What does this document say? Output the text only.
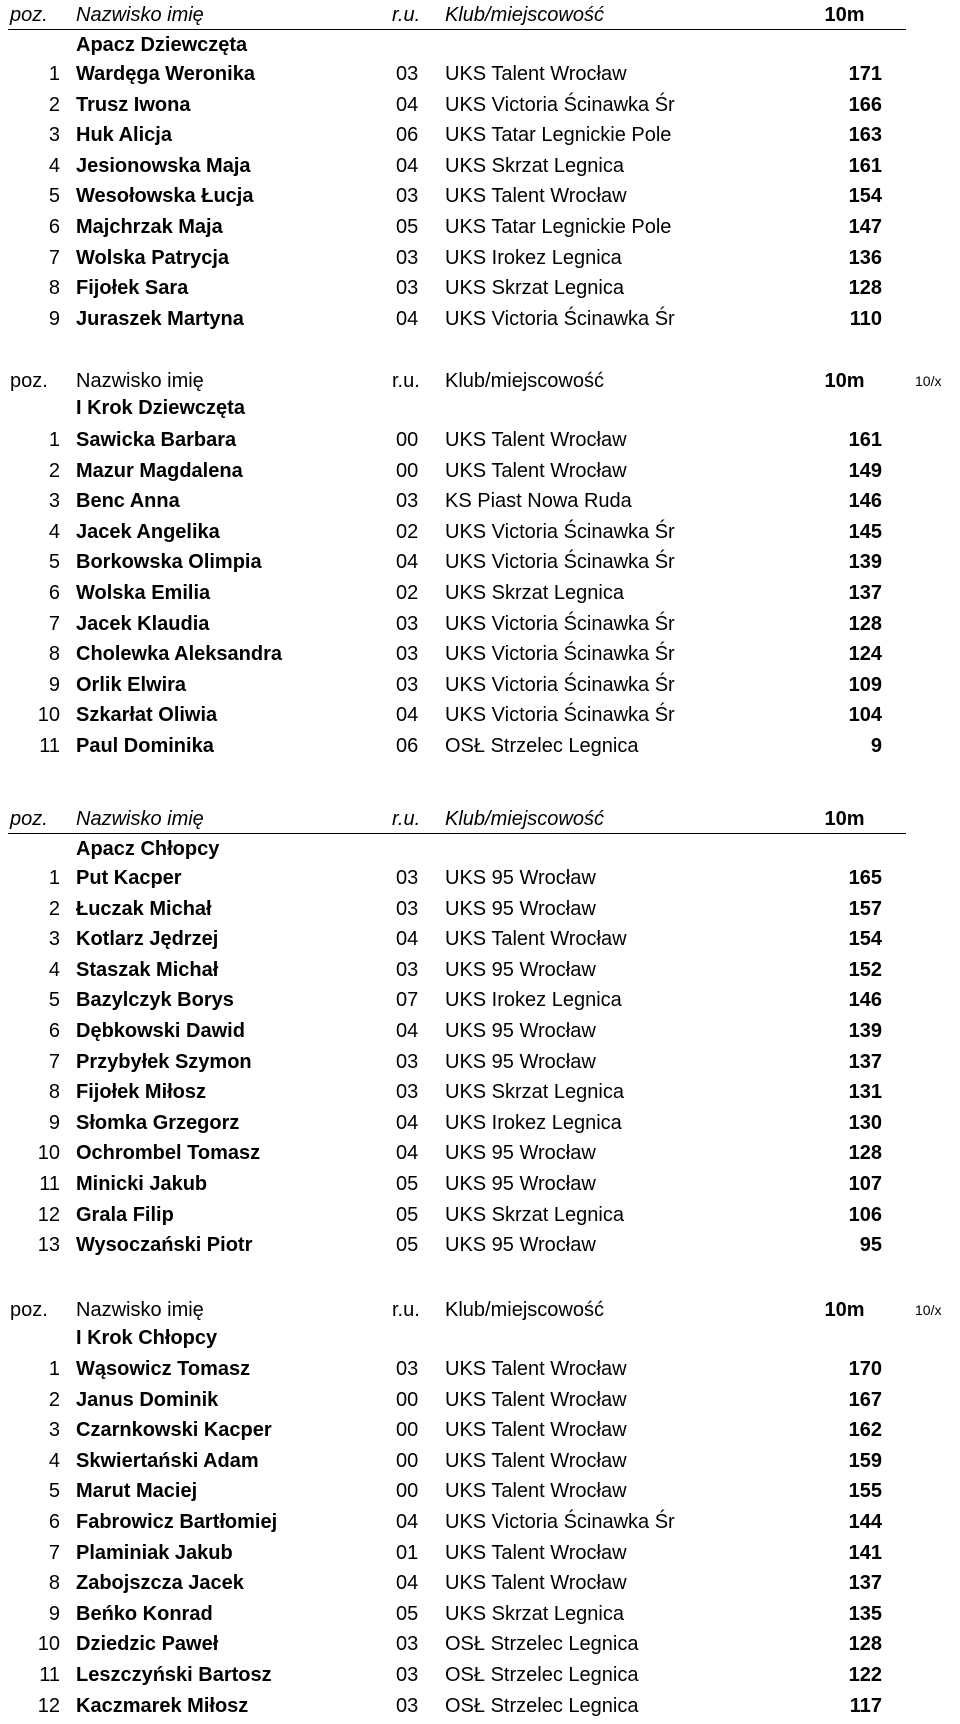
poz. Nazwisko imię	r.u. Klub/miejscowość	10m
Apacz Dziewczęta
1 Wardęga Weronika	03 UKS Talent Wrocław	171
2 Trusz Iwona	04 UKS Victoria Ścinawka Śr	166
3 Huk Alicja	06 UKS Tatar Legnickie Pole	163
4 Jesionowska Maja	04 UKS Skrzat Legnica	161
5 Wesołowska Łucja	03 UKS Talent Wrocław	154
6 Majchrzak Maja	05 UKS Tatar Legnickie Pole	147
7 Wolska Patrycja	03 UKS Irokez Legnica	136
8 Fijołek Sara	03 UKS Skrzat Legnica	128
9 Juraszek Martyna	04 UKS Victoria Ścinawka Śr	110
poz. Nazwisko imię	r.u. Klub/miejscowość	10m	10/x
I Krok Dziewczęta
1 Sawicka Barbara	00 UKS Talent Wrocław	161
2 Mazur Magdalena	00 UKS Talent Wrocław	149
3 Benc Anna	03 KS Piast Nowa Ruda	146
4 Jacek Angelika	02 UKS Victoria Ścinawka Śr	145
5 Borkowska Olimpia	04 UKS Victoria Ścinawka Śr	139
6 Wolska Emilia	02 UKS Skrzat Legnica	137
7 Jacek Klaudia	03 UKS Victoria Ścinawka Śr	128
8 Cholewka Aleksandra	03 UKS Victoria Ścinawka Śr	124
9 Orlik Elwira	03 UKS Victoria Ścinawka Śr	109
10 Szkarłat Oliwia	04 UKS Victoria Ścinawka Śr	104
11 Paul Dominika	06 OSŁ Strzelec Legnica	9
poz. Nazwisko imię	r.u. Klub/miejscowość	10m
Apacz Chłopcy
1 Put Kacper	03 UKS 95 Wrocław	165
2 Łuczak Michał	03 UKS 95 Wrocław	157
3 Kotlarz Jędrzej	04 UKS Talent Wrocław	154
4 Staszak Michał	03 UKS 95 Wrocław	152
5 Bazylczyk Borys	07 UKS Irokez Legnica	146
6 Dębkowski Dawid	04 UKS 95 Wrocław	139
7 Przybyłek Szymon	03 UKS 95 Wrocław	137
8 Fijołek Miłosz	03 UKS Skrzat Legnica	131
9 Słomka Grzegorz	04 UKS Irokez Legnica	130
10 Ochrombel Tomasz	04 UKS 95 Wrocław	128
11 Minicki Jakub	05 UKS 95 Wrocław	107
12 Grala Filip	05 UKS Skrzat Legnica	106
13 Wysoczański Piotr	05 UKS 95 Wrocław	95
poz. Nazwisko imię	r.u. Klub/miejscowość	10m	10/x
I Krok Chłopcy
1 Wąsowicz Tomasz	03 UKS Talent Wrocław	170
2 Janus Dominik	00 UKS Talent Wrocław	167
3 Czarnkowski Kacper	00 UKS Talent Wrocław	162
4 Skwiertański Adam	00 UKS Talent Wrocław	159
5 Marut Maciej	00 UKS Talent Wrocław	155
6 Fabrowicz Bartłomiej	04 UKS Victoria Ścinawka Śr	144
7 Plaminiak Jakub	01 UKS Talent Wrocław	141
8 Zabojszcza Jacek	04 UKS Talent Wrocław	137
9 Beńko Konrad	05 UKS Skrzat Legnica	135
10 Dziedzic Paweł	03 OSŁ Strzelec Legnica	128
11 Leszczyński Bartosz	03 OSŁ Strzelec Legnica	122
12 Kaczmarek Miłosz	03 OSŁ Strzelec Legnica	117
